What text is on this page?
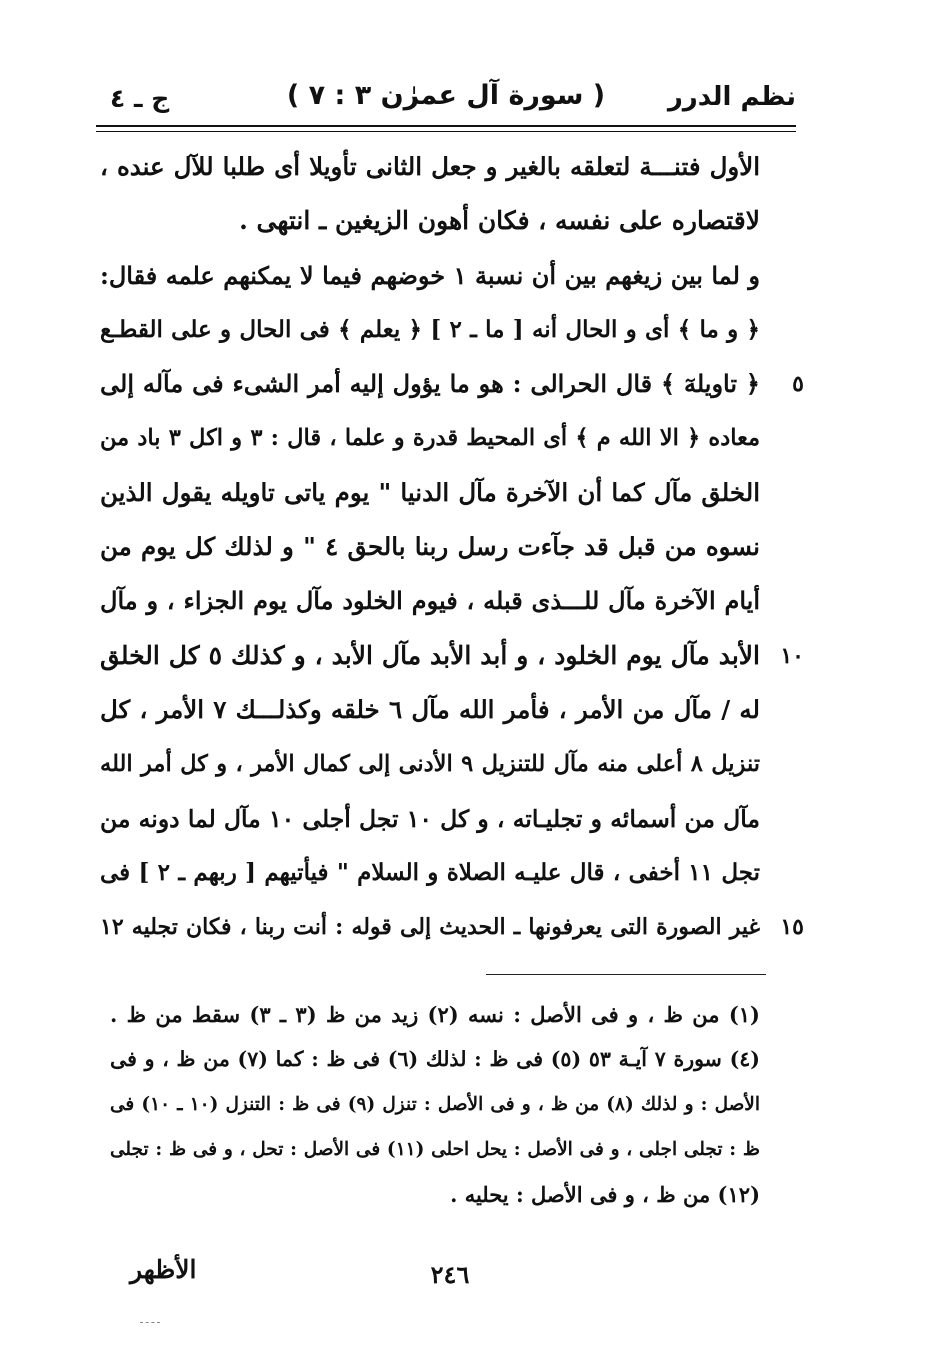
نظم الدرر
( سورة آل عمرٰن ٣ : ٧ )
ج ـ ٤
الأول فتنـــة لتعلقه بالغير و جعل الثانى تأويلا أى طلبا للآل عنده ،
لاقتصاره على نفسه ، فكان أهون الزيغين ـ انتهى .
و لما بين زيغهم بين أن نسبة ١ خوضهم فيما لا يمكنهم علمه فقال:
﴿ و ما ﴾ أى و الحال أنه [ ما ـ ٢ ] ﴿ يعلم ﴾ فى الحال و على القطـع
٥
﴿ تاويلهٓ ﴾ قال الحرالى : هو ما يؤول إليه أمر الشىء فى مآله إلى
معاده ﴿ الا الله م ﴾ أى المحيط قدرة و علما ، قال : ٣ و اكل ٣ باد من
الخلق مآل كما أن الآخرة مآل الدنيا " يوم ياتى تاويله يقول الذين
نسوه من قبل قد جآءت رسل ربنا بالحق ٤ " و لذلك كل يوم من
أيام الآخرة مآل للـــذى قبله ، فيوم الخلود مآل يوم الجزاء ، و مآل
١٠
الأبد مآل يوم الخلود ، و أبد الأبد مآل الأبد ، و كذلك ٥ كل الخلق
له / مآل من الأمر ، فأمر الله مآل ٦ خلقه وكذلـــك ٧ الأمر ، كل
تنزيل ٨ أعلى منه مآل للتنزيل ٩ الأدنى إلى كمال الأمر ، و كل أمر الله
مآل من أسمائه و تجليـاته ، و كل ١٠ تجل أجلى ١٠ مآل لما دونه من
تجل ١١ أخفى ، قال عليـه الصلاة و السلام " فيأتيهم [ ربهم ـ ٢ ] فى
١٥
غير الصورة التى يعرفونها ـ الحديث إلى قوله : أنت ربنا ، فكان تجليه ١٢
(١) من ظ ، و فى الأصل : نسه (٢) زيد من ظ (٣ ـ ٣) سقط من ظ .
(٤) سورة ٧ آيـة ٥٣ (٥) فى ظ : لذلك (٦) فى ظ : كما (٧) من ظ ، و فى
الأصل : و لذلك (٨) من ظ ، و فى الأصل : تنزل (٩) فى ظ : التنزل (١٠ ـ ١٠) فى
ظ : تجلى اجلى ، و فى الأصل : يحل احلى (١١) فى الأصل : تحل ، و فى ظ : تجلى
(١٢) من ظ ، و فى الأصل : يحليه .
٢٤٦
الأظهر
